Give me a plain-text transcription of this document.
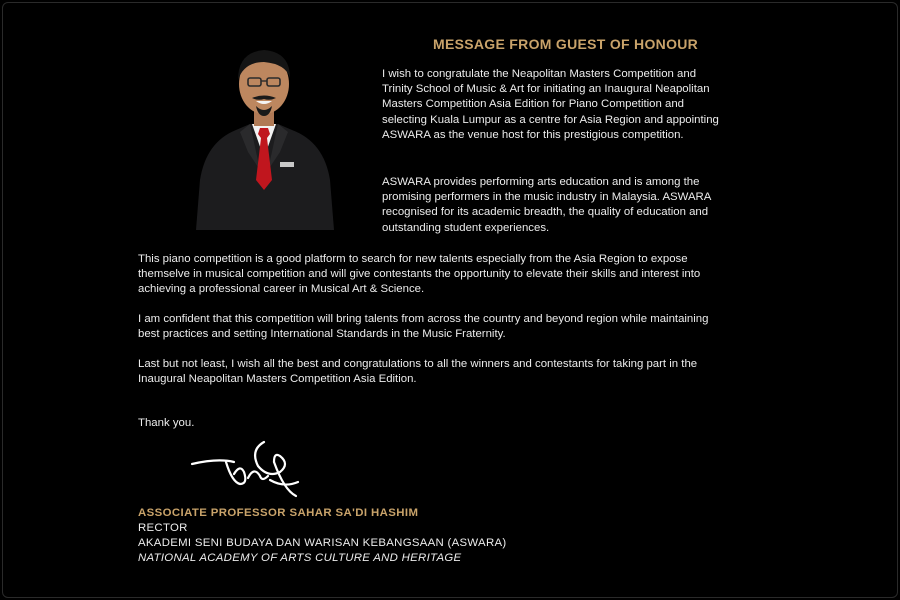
MESSAGE FROM GUEST OF HONOUR

I wish to congratulate the Neapolitan Masters Competition and Trinity School of Music & Art for initiating an Inaugural Neapolitan Masters Competition Asia Edition for Piano Competition and selecting Kuala Lumpur as a centre for Asia Region and appointing ASWARA as the venue host for this prestigious competition.

ASWARA provides performing arts education and is among the promising performers in the music industry in Malaysia. ASWARA recognised for its academic breadth, the quality of education and outstanding student experiences.

This piano competition is a good platform to search for new talents especially from the Asia Region to expose themselve in musical competition and will give contestants the opportunity to elevate their skills and interest into achieving a professional career in Musical Art & Science.

I am confident that this competition will bring talents from across the country and beyond region while maintaining best practices and setting International Standards in the Music Fraternity.

Last but not least, I wish all the best and congratulations to all the winners and contestants for taking part in the Inaugural Neapolitan Masters Competition Asia Edition.

Thank you.

ASSOCIATE PROFESSOR SAHAR SA'DI HASHIM
RECTOR
AKADEMI SENI BUDAYA DAN WARISAN KEBANGSAAN (ASWARA)
NATIONAL ACADEMY OF ARTS CULTURE AND HERITAGE
